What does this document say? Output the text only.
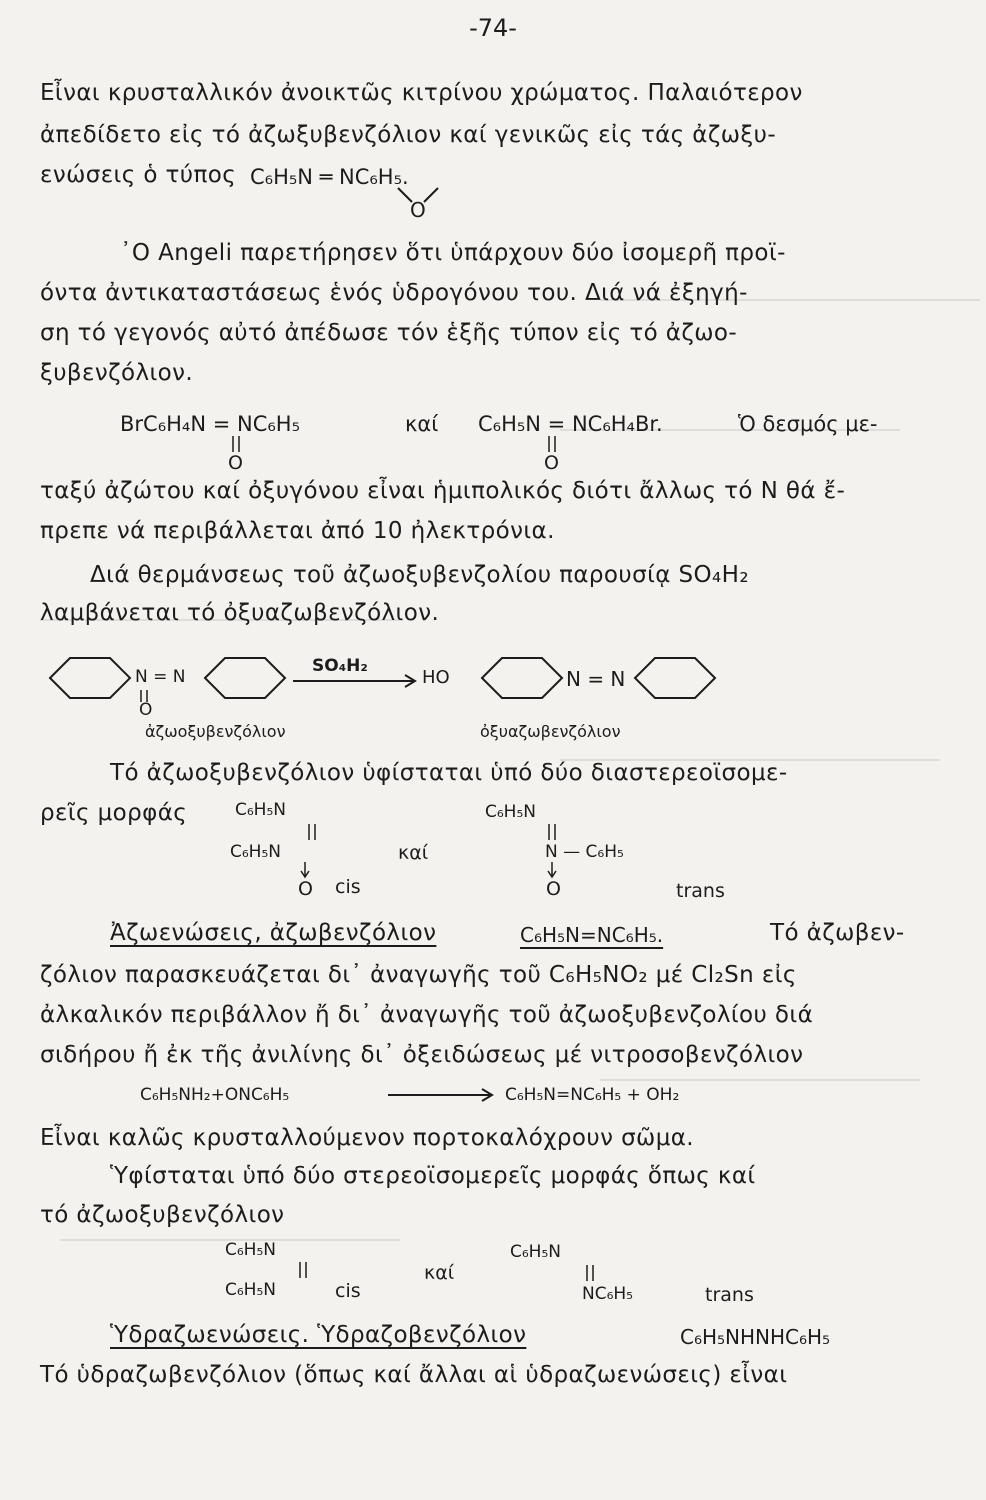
-74-
Εἶναι κρυσταλλικόν ἀνοικτῶς κιτρίνου χρώματος. Παλαιότερον
ἀπεδίδετο εἰς τό ἀζωξυβενζόλιον καί γενικῶς εἰς τάς ἀζωξυ-
ενώσεις ὁ τύπος C₆H₅N ═ NC₆H₅.
O
᾽Ο Angeli παρετήρησεν ὅτι ὑπάρχουν δύο ἰσομερῆ προϊ-
όντα ἀντικαταστάσεως ἑνός ὑδρογόνου του. Διά νά ἐξηγή-
ση τό γεγονός αὐτό ἀπέδωσε τόν ἑξῆς τύπον εἰς τό ἀζωο-
ξυβενζόλιον.
BrC₆H₄N = NC₆H₅	καί C₆H₅N = NC₆H₄Br.	Ὁ δεσμός με-
O	O
ταξύ ἀζώτου καί ὀξυγόνου εἶναι ἡμιπολικός διότι ἄλλως τό N θά ἔ-
πρεπε νά περιβάλλεται ἀπό 10 ἠλεκτρόνια.
Διά θερμάνσεως τοῦ ἀζωοξυβενζολίου παρουσίᾳ SO₄H₂
λαμβάνεται τό ὀξυαζωβενζόλιον.
N = N
O
SO₄H₂
HO	N = N
ἀζωοξυβενζόλιον	ὀξυαζωβενζόλιον
Τό ἀζωοξυβενζόλιον ὑφίσταται ὑπό δύο διαστερεοϊσομε-
ρεῖς μορφάς	C₆H₅N
C₆H₅N
O cis
καί
C₆H₅N
N — C₆H₅
O	trans
Ἀζωενώσεις, ἀζωβενζόλιον	C₆H₅N=NC₆H₅.	Τό ἀζωβεν-
ζόλιον παρασκευάζεται δι᾽ ἀναγωγῆς τοῦ C₆H₅NO₂ μέ Cl₂Sn εἰς
ἀλκαλικόν περιβάλλον ἤ δι᾽ ἀναγωγῆς τοῦ ἀζωοξυβενζολίου διά
σιδήρου ἤ ἐκ τῆς ἀνιλίνης δι᾽ ὀξειδώσεως μέ νιτροσοβενζόλιον
C₆H₅NH₂+ONC₆H₅	C₆H₅N=NC₆H₅ + OH₂
Εἶναι καλῶς κρυσταλλούμενον πορτοκαλόχρουν σῶμα.
Ὑφίσταται ὑπό δύο στερεοϊσομερεῖς μορφάς ὅπως καί
τό ἀζωοξυβενζόλιον
C₆H₅N
C₆H₅N	cis
καί
C₆H₅N
NC₆H₅	trans
Ὑδραζωενώσεις. Ὑδραζοβενζόλιον	C₆H₅NHNHC₆H₅
Τό ὑδραζωβενζόλιον (ὅπως καί ἄλλαι αἱ ὑδραζωενώσεις) εἶναι
